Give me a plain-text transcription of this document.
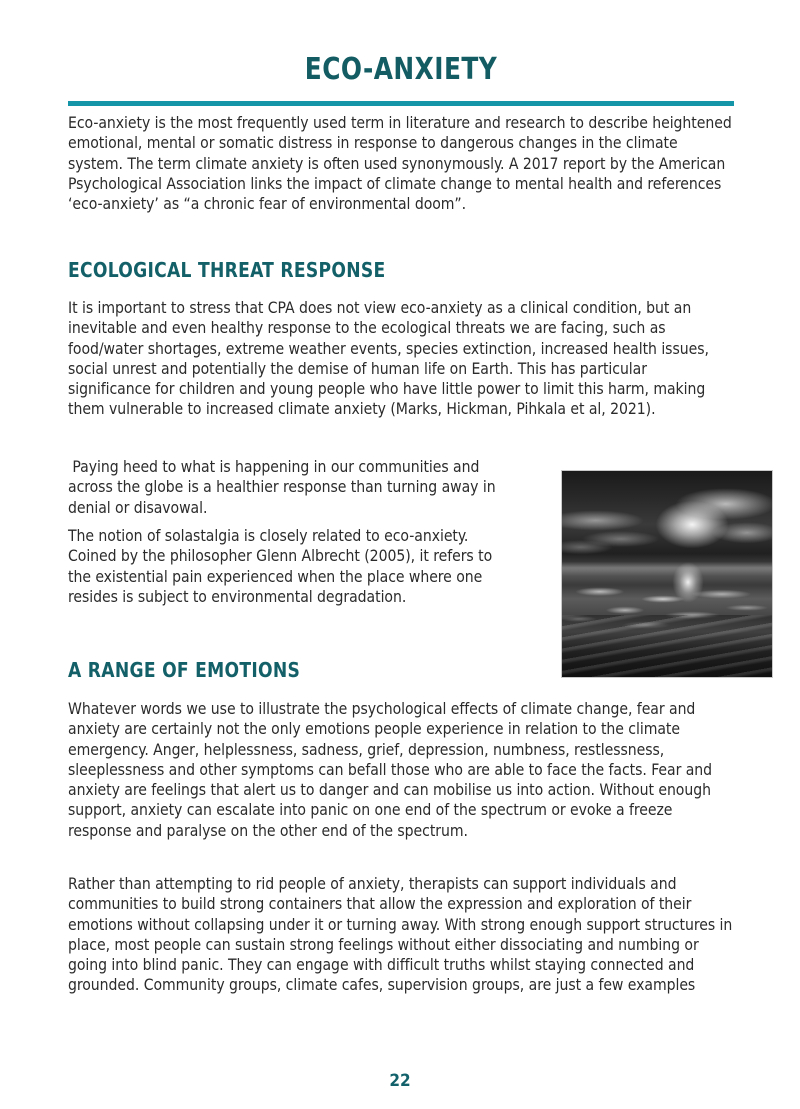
ECO-ANXIETY

Eco-anxiety is the most frequently used term in literature and research to describe heightened emotional, mental or somatic distress in response to dangerous changes in the climate system. The term climate anxiety is often used synonymously. A 2017 report by the American Psychological Association links the impact of climate change to mental health and references ‘eco-anxiety’ as “a chronic fear of environmental doom”.

ECOLOGICAL THREAT RESPONSE

It is important to stress that CPA does not view eco-anxiety as a clinical condition, but an inevitable and even healthy response to the ecological threats we are facing, such as food/water shortages, extreme weather events, species extinction, increased health issues, social unrest and potentially the demise of human life on Earth. This has particular significance for children and young people who have little power to limit this harm, making them vulnerable to increased climate anxiety (Marks, Hickman, Pihkala et al, 2021).

Paying heed to what is happening in our communities and across the globe is a healthier response than turning away in denial or disavowal.

The notion of solastalgia is closely related to eco-anxiety. Coined by the philosopher Glenn Albrecht (2005), it refers to the existential pain experienced when the place where one resides is subject to environmental degradation.

A RANGE OF EMOTIONS

Whatever words we use to illustrate the psychological effects of climate change, fear and anxiety are certainly not the only emotions people experience in relation to the climate emergency. Anger, helplessness, sadness, grief, depression, numbness, restlessness, sleeplessness and other symptoms can befall those who are able to face the facts. Fear and anxiety are feelings that alert us to danger and can mobilise us into action. Without enough support, anxiety can escalate into panic on one end of the spectrum or evoke a freeze response and paralyse on the other end of the spectrum.

Rather than attempting to rid people of anxiety, therapists can support individuals and communities to build strong containers that allow the expression and exploration of their emotions without collapsing under it or turning away. With strong enough support structures in place, most people can sustain strong feelings without either dissociating and numbing or going into blind panic. They can engage with difficult truths whilst staying connected and grounded. Community groups, climate cafes, supervision groups, are just a few examples

22
